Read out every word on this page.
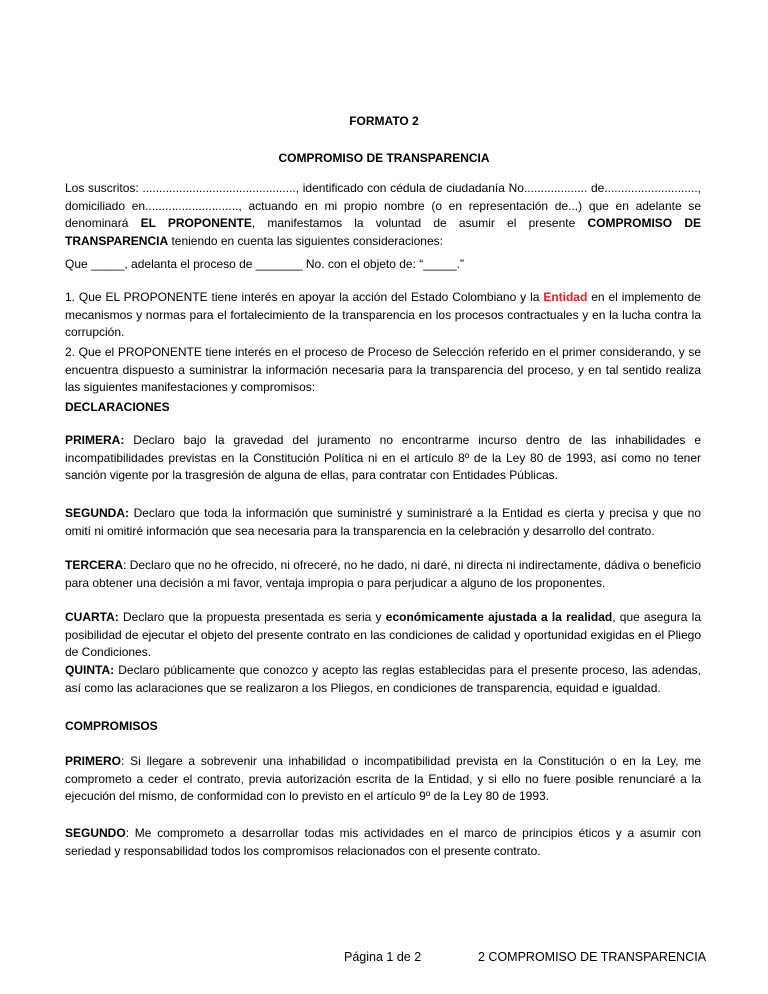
FORMATO 2
COMPROMISO DE TRANSPARENCIA
Los suscritos: .............................................., identificado con cédula de ciudadanía No................... de............................, domiciliado en............................, actuando en mi propio nombre (o en representación de...) que en adelante se denominará EL PROPONENTE, manifestamos la voluntad de asumir el presente COMPROMISO DE TRANSPARENCIA teniendo en cuenta las siguientes consideraciones:
Que _____, adelanta el proceso de _______ No. con el objeto de: “_____.”
1. Que EL PROPONENTE tiene interés en apoyar la acción del Estado Colombiano y la Entidad en el implemento de mecanismos y normas para el fortalecimiento de la transparencia en los procesos contractuales y en la lucha contra la corrupción.
2. Que el PROPONENTE tiene interés en el proceso de Proceso de Selección referido en el primer considerando, y se encuentra dispuesto a suministrar la información necesaria para la transparencia del proceso, y en tal sentido realiza las siguientes manifestaciones y compromisos:
DECLARACIONES
PRIMERA: Declaro bajo la gravedad del juramento no encontrarme incurso dentro de las inhabilidades e incompatibilidades previstas en la Constitución Política ni en el artículo 8º de la Ley 80 de 1993, así como no tener sanción vigente por la trasgresión de alguna de ellas, para contratar con Entidades Públicas.
SEGUNDA: Declaro que toda la información que suministré y suministraré a la Entidad es cierta y precisa y que no omití ni omitiré información que sea necesaria para la transparencia en la celebración y desarrollo del contrato.
TERCERA: Declaro que no he ofrecido, ni ofreceré, no he dado, ni daré, ni directa ni indirectamente, dádiva o beneficio para obtener una decisión a mi favor, ventaja impropia o para perjudicar a alguno de los proponentes.
CUARTA: Declaro que la propuesta presentada es seria y económicamente ajustada a la realidad, que asegura la posibilidad de ejecutar el objeto del presente contrato en las condiciones de calidad y oportunidad exigidas en el Pliego de Condiciones.
QUINTA: Declaro públicamente que conozco y acepto las reglas establecidas para el presente proceso, las adendas, así como las aclaraciones que se realizaron a los Pliegos, en condiciones de transparencia, equidad e igualdad.
COMPROMISOS
PRIMERO: Si llegare a sobrevenir una inhabilidad o incompatibilidad prevista en la Constitución o en la Ley, me comprometo a ceder el contrato, previa autorización escrita de la Entidad, y si ello no fuere posible renunciaré a la ejecución del mismo, de conformidad con lo previsto en el artículo 9º de la Ley 80 de 1993.
SEGUNDO: Me comprometo a desarrollar todas mis actividades en el marco de principios éticos y a asumir con seriedad y responsabilidad todos los compromisos relacionados con el presente contrato.
Página 1 de 2	2 COMPROMISO DE TRANSPARENCIA
